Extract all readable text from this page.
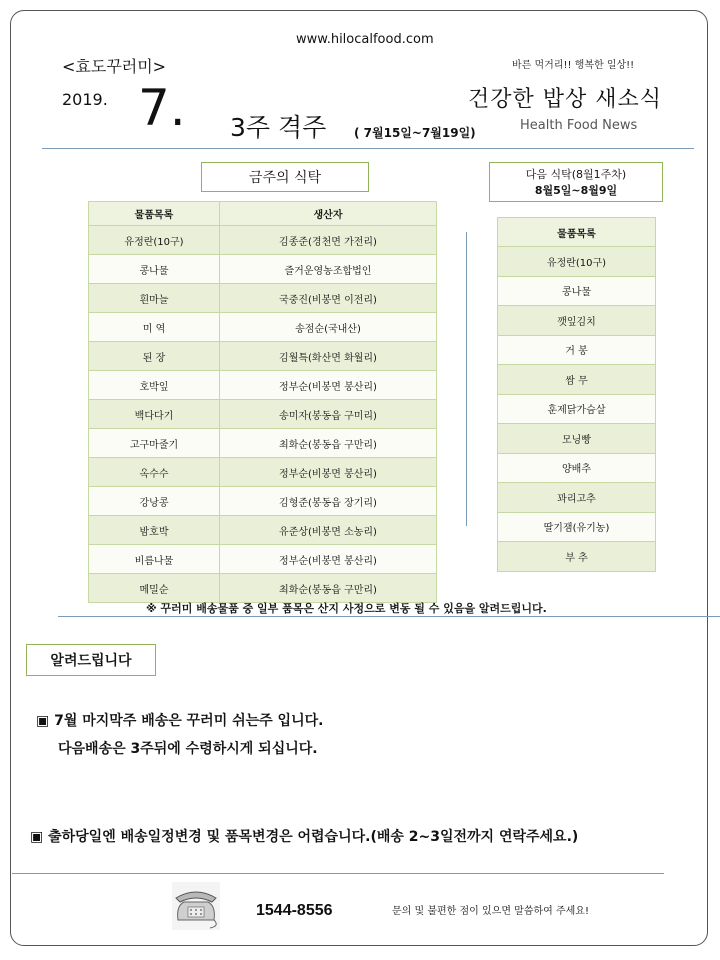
www.hilocalfood.com
<효도꾸러미>	바른 먹거리!! 행복한 일상!!
2019. 7. 3주 격주 ( 7월15일~7월19일)
건강한 밥상 새소식
Health Food News
금주의 식탁	다음 식탁(8월1주차)
8월5일~8월9일
물품목록	생산자
유정란(10구)	김종준(경천면 가전리)
콩나물	즐거운영농조합법인
흰마늘	국중진(비봉면 이전리)
미 역	송점순(국내산)
된 장	김월특(화산면 화월리)
호박잎	정부순(비봉면 봉산리)
백다다기	송미자(봉동읍 구미리)
고구마줄기	최화순(봉동읍 구만리)
옥수수	정부순(비봉면 봉산리)
강낭콩	김형준(봉동읍 장기리)
밤호박	유준상(비봉면 소농리)
비름나물	정부순(비봉면 봉산리)
메밀순	최화순(봉동읍 구만리)
물품목록
유정란(10구)
콩나물
깻잎김치
거 봉
쌈 무
훈제닭가슴살
모닝빵
양배추
꽈리고추
딸기잼(유기농)
부 추
※ 꾸러미 배송물품 중 일부 품목은 산지 사정으로 변동 될 수 있음을 알려드립니다.
알려드립니다
▣ 7월 마지막주 배송은 꾸러미 쉬는주 입니다.
다음배송은 3주뒤에 수령하시게 되십니다.
▣ 출하당일엔 배송일정변경 및 품목변경은 어렵습니다.(배송 2~3일전까지 연락주세요.)
1544-8556	문의 및 불편한 점이 있으면 말씀하여 주세요!
